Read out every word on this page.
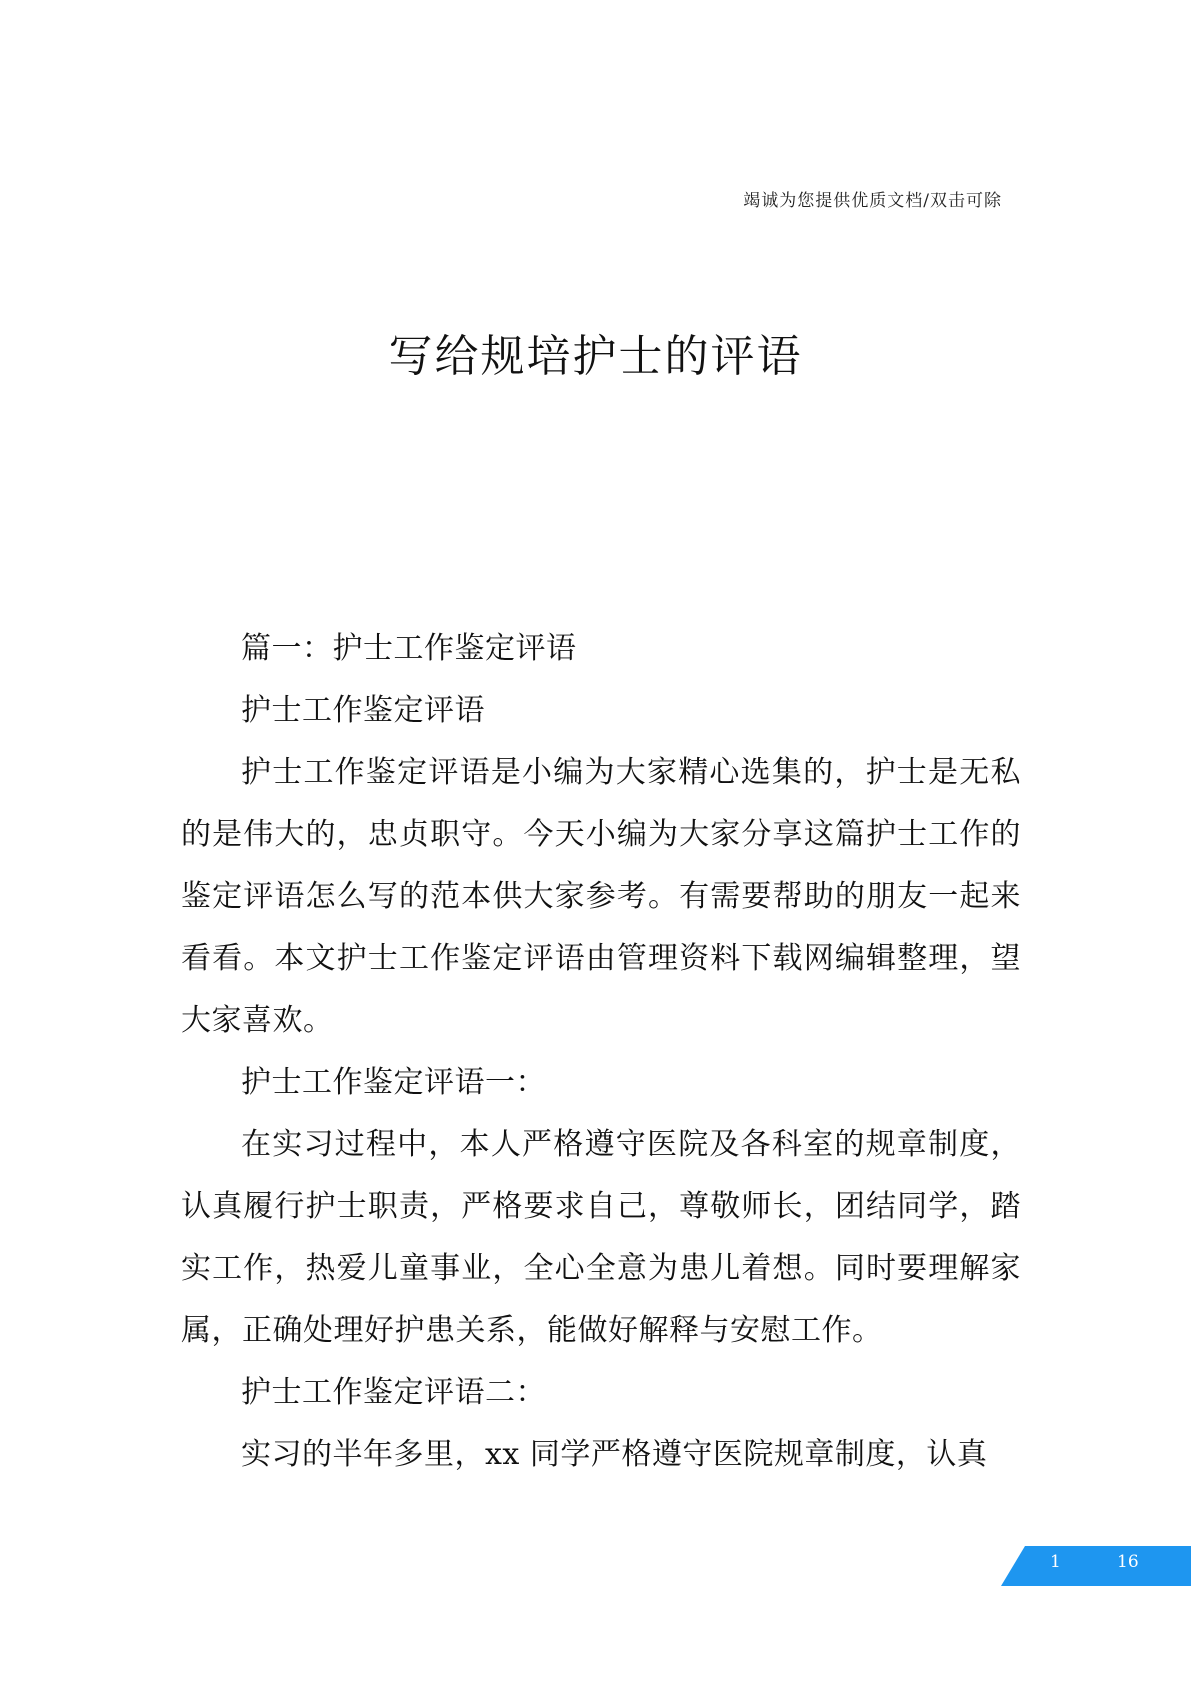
竭诚为您提供优质文档/双击可除
写给规培护士的评语

篇一：护士工作鉴定评语

护士工作鉴定评语

护士工作鉴定评语是小编为大家精心选集的，护士是无私的是伟大的，忠贞职守。今天小编为大家分享这篇护士工作的鉴定评语怎么写的范本供大家参考。有需要帮助的朋友一起来看看。本文护士工作鉴定评语由管理资料下载网编辑整理，望大家喜欢。

护士工作鉴定评语一：

在实习过程中，本人严格遵守医院及各科室的规章制度，认真履行护士职责，严格要求自己，尊敬师长，团结同学，踏实工作，热爱儿童事业，全心全意为患儿着想。同时要理解家属，正确处理好护患关系，能做好解释与安慰工作。

护士工作鉴定评语二：

实习的半年多里，xx 同学严格遵守医院规章制度，认真

1	16
